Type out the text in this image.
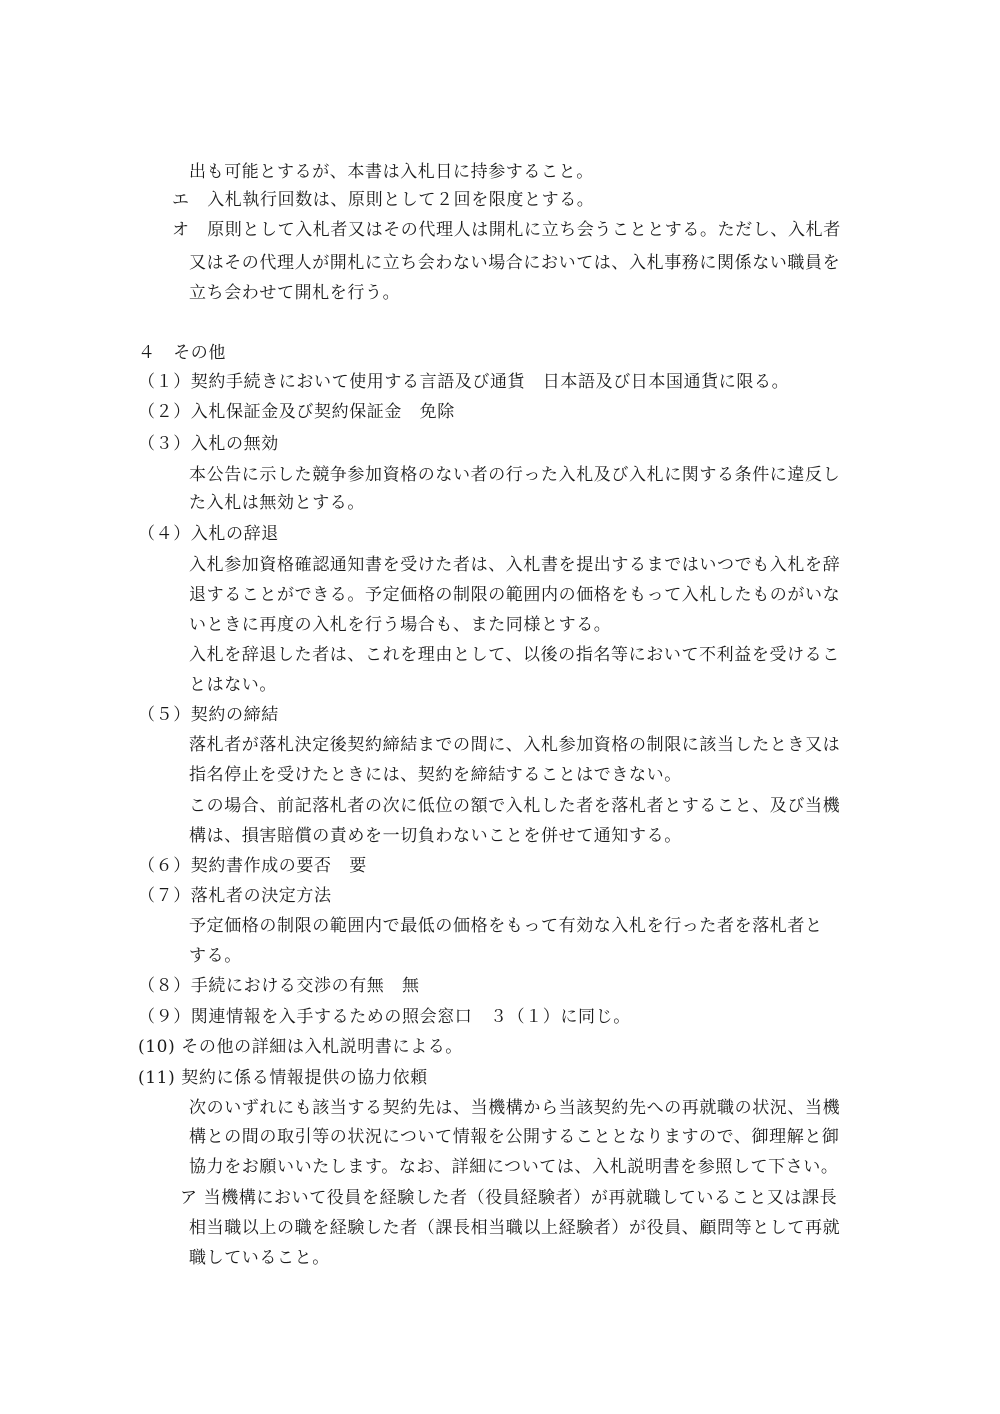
出も可能とするが、本書は入札日に持参すること。
エ　入札執行回数は、原則として２回を限度とする。
オ　原則として入札者又はその代理人は開札に立ち会うこととする。ただし、入札者
又はその代理人が開札に立ち会わない場合においては、入札事務に関係ない職員を
立ち会わせて開札を行う。
４　その他
（１）契約手続きにおいて使用する言語及び通貨　日本語及び日本国通貨に限る。
（２）入札保証金及び契約保証金　免除
（３）入札の無効
本公告に示した競争参加資格のない者の行った入札及び入札に関する条件に違反し
た入札は無効とする。
（４）入札の辞退
入札参加資格確認通知書を受けた者は、入札書を提出するまではいつでも入札を辞
退することができる。予定価格の制限の範囲内の価格をもって入札したものがいな
いときに再度の入札を行う場合も、また同様とする。
入札を辞退した者は、これを理由として、以後の指名等において不利益を受けるこ
とはない。
（５）契約の締結
落札者が落札決定後契約締結までの間に、入札参加資格の制限に該当したとき又は
指名停止を受けたときには、契約を締結することはできない。
この場合、前記落札者の次に低位の額で入札した者を落札者とすること、及び当機
構は、損害賠償の責めを一切負わないことを併せて通知する。
（６）契約書作成の要否　要
（７）落札者の決定方法
予定価格の制限の範囲内で最低の価格をもって有効な入札を行った者を落札者と
する。
（８）手続における交渉の有無　無
（９）関連情報を入手するための照会窓口　３（１）に同じ。
(10) その他の詳細は入札説明書による。
(11) 契約に係る情報提供の協力依頼
次のいずれにも該当する契約先は、当機構から当該契約先への再就職の状況、当機
構との間の取引等の状況について情報を公開することとなりますので、御理解と御
協力をお願いいたします。なお、詳細については、入札説明書を参照して下さい。
ア 当機構において役員を経験した者（役員経験者）が再就職していること又は課長
相当職以上の職を経験した者（課長相当職以上経験者）が役員、顧問等として再就
職していること。
